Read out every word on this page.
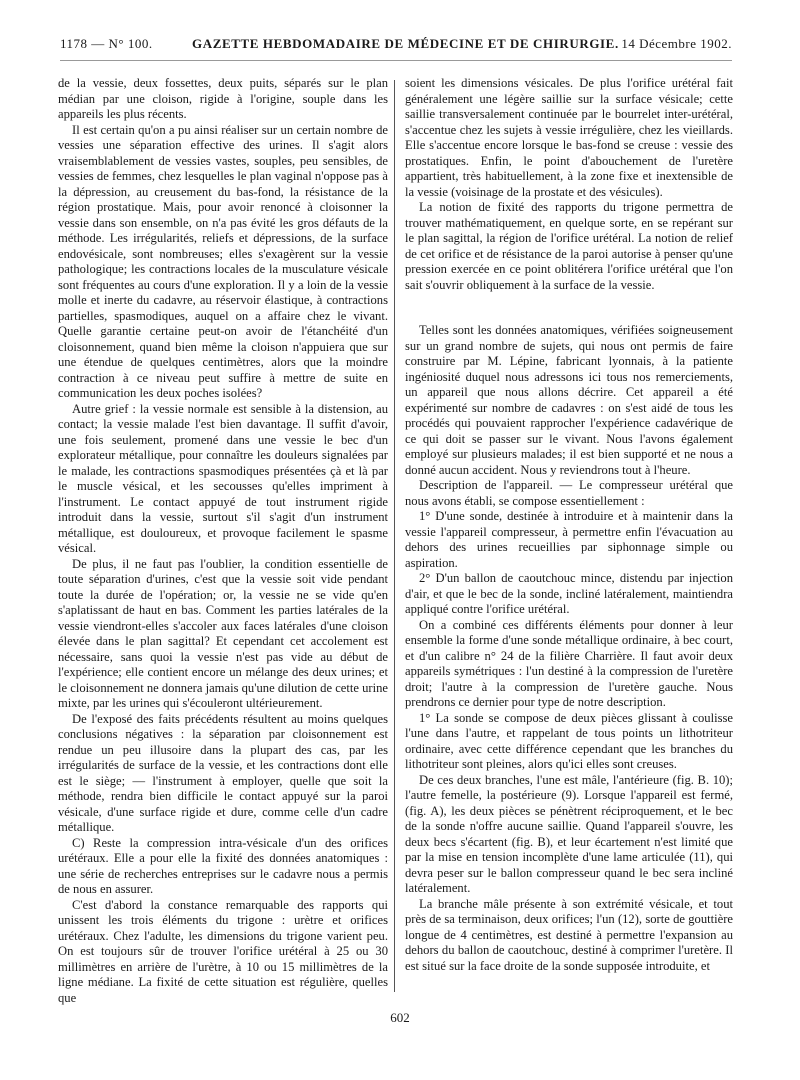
1178 — N° 100.	GAZETTE HEBDOMADAIRE DE MÉDECINE ET DE CHIRURGIE. 14 Décembre 1902.

de la vessie, deux fossettes, deux puits, séparés sur le plan médian par une cloison, rigide à l'origine, souple dans les appareils les plus récents.

Il est certain qu'on a pu ainsi réaliser sur un certain nombre de vessies une séparation effective des urines. Il s'agit alors vraisemblablement de vessies vastes, souples, peu sensibles, de vessies de femmes, chez lesquelles le plan vaginal n'oppose pas à la dépression, au creusement du bas-fond, la résistance de la région prostatique. Mais, pour avoir renoncé à cloisonner la vessie dans son ensemble, on n'a pas évité les gros défauts de la méthode. Les irrégularités, reliefs et dépressions, de la surface endovésicale, sont nombreuses; elles s'exagèrent sur la vessie pathologique; les contractions locales de la musculature vésicale sont fréquentes au cours d'une exploration. Il y a loin de la vessie molle et inerte du cadavre, au réservoir élastique, à contractions partielles, spasmodiques, auquel on a affaire chez le vivant. Quelle garantie certaine peut-on avoir de l'étanchéité d'un cloisonnement, quand bien même la cloison n'appuiera que sur une étendue de quelques centimètres, alors que la moindre contraction à ce niveau peut suffire à mettre de suite en communication les deux poches isolées?

Autre grief : la vessie normale est sensible à la distension, au contact; la vessie malade l'est bien davantage. Il suffit d'avoir, une fois seulement, promené dans une vessie le bec d'un explorateur métallique, pour connaître les douleurs signalées par le malade, les contractions spasmodiques présentées çà et là par le muscle vésical, et les secousses qu'elles impriment à l'instrument. Le contact appuyé de tout instrument rigide introduit dans la vessie, surtout s'il s'agit d'un instrument métallique, est douloureux, et provoque facilement le spasme vésical.

De plus, il ne faut pas l'oublier, la condition essentielle de toute séparation d'urines, c'est que la vessie soit vide pendant toute la durée de l'opération; or, la vessie ne se vide qu'en s'aplatissant de haut en bas. Comment les parties latérales de la vessie viendront-elles s'accoler aux faces latérales d'une cloison élevée dans le plan sagittal? Et cependant cet accolement est nécessaire, sans quoi la vessie n'est pas vide au début de l'expérience; elle contient encore un mélange des deux urines; et le cloisonnement ne donnera jamais qu'une dilution de cette urine mixte, par les urines qui s'écouleront ultérieurement.

De l'exposé des faits précédents résultent au moins quelques conclusions négatives : la séparation par cloisonnement est rendue un peu illusoire dans la plupart des cas, par les irrégularités de surface de la vessie, et les contractions dont elle est le siège; — l'instrument à employer, quelle que soit la méthode, rendra bien difficile le contact appuyé sur la paroi vésicale, d'une surface rigide et dure, comme celle d'un cadre métallique.

C) Reste la compression intra-vésicale d'un des orifices urétéraux. Elle a pour elle la fixité des données anatomiques : une série de recherches entreprises sur le cadavre nous a permis de nous en assurer.

C'est d'abord la constance remarquable des rapports qui unissent les trois éléments du trigone : urètre et orifices urétéraux. Chez l'adulte, les dimensions du trigone varient peu. On est toujours sûr de trouver l'orifice urétéral à 25 ou 30 millimètres en arrière de l'urètre, à 10 ou 15 millimètres de la ligne médiane. La fixité de cette situation est régulière, quelles que

soient les dimensions vésicales. De plus l'orifice urétéral fait généralement une légère saillie sur la surface vésicale; cette saillie transversalement continuée par le bourrelet inter-urétéral, s'accentue chez les sujets à vessie irrégulière, chez les vieillards. Elle s'accentue encore lorsque le bas-fond se creuse : vessie des prostatiques. Enfin, le point d'abouchement de l'uretère appartient, très habituellement, à la zone fixe et inextensible de la vessie (voisinage de la prostate et des vésicules).

La notion de fixité des rapports du trigone permettra de trouver mathématiquement, en quelque sorte, en se repérant sur le plan sagittal, la région de l'orifice urétéral. La notion de relief de cet orifice et de résistance de la paroi autorise à penser qu'une pression exercée en ce point oblitérera l'orifice urétéral que l'on sait s'ouvrir obliquement à la surface de la vessie.

Telles sont les données anatomiques, vérifiées soigneusement sur un grand nombre de sujets, qui nous ont permis de faire construire par M. Lépine, fabricant lyonnais, à la patiente ingéniosité duquel nous adressons ici tous nos remerciements, un appareil que nous allons décrire. Cet appareil a été expérimenté sur nombre de cadavres : on s'est aidé de tous les procédés qui pouvaient rapprocher l'expérience cadavérique de ce qui doit se passer sur le vivant. Nous l'avons également employé sur plusieurs malades; il est bien supporté et ne nous a donné aucun accident. Nous y reviendrons tout à l'heure.

Description de l'appareil. — Le compresseur urétéral que nous avons établi, se compose essentiellement :

1° D'une sonde, destinée à introduire et à maintenir dans la vessie l'appareil compresseur, à permettre enfin l'évacuation au dehors des urines recueillies par siphonnage simple ou aspiration.

2° D'un ballon de caoutchouc mince, distendu par injection d'air, et que le bec de la sonde, incliné latéralement, maintiendra appliqué contre l'orifice urétéral.

On a combiné ces différents éléments pour donner à leur ensemble la forme d'une sonde métallique ordinaire, à bec court, et d'un calibre n° 24 de la filière Charrière. Il faut avoir deux appareils symétriques : l'un destiné à la compression de l'uretère droit; l'autre à la compression de l'uretère gauche. Nous prendrons ce dernier pour type de notre description.

1° La sonde se compose de deux pièces glissant à coulisse l'une dans l'autre, et rappelant de tous points un lithotriteur ordinaire, avec cette différence cependant que les branches du lithotriteur sont pleines, alors qu'ici elles sont creuses.

De ces deux branches, l'une est mâle, l'antérieure (fig. B. 10); l'autre femelle, la postérieure (9). Lorsque l'appareil est fermé, (fig. A), les deux pièces se pénètrent réciproquement, et le bec de la sonde n'offre aucune saillie. Quand l'appareil s'ouvre, les deux becs s'écartent (fig. B), et leur écartement n'est limité que par la mise en tension incomplète d'une lame articulée (11), qui devra peser sur le ballon compresseur quand le bec sera incliné latéralement.

La branche mâle présente à son extrémité vésicale, et tout près de sa terminaison, deux orifices; l'un (12), sorte de gouttière longue de 4 centimètres, est destiné à permettre l'expansion au dehors du ballon de caoutchouc, destiné à comprimer l'uretère. Il est situé sur la face droite de la sonde supposée introduite, et

602
